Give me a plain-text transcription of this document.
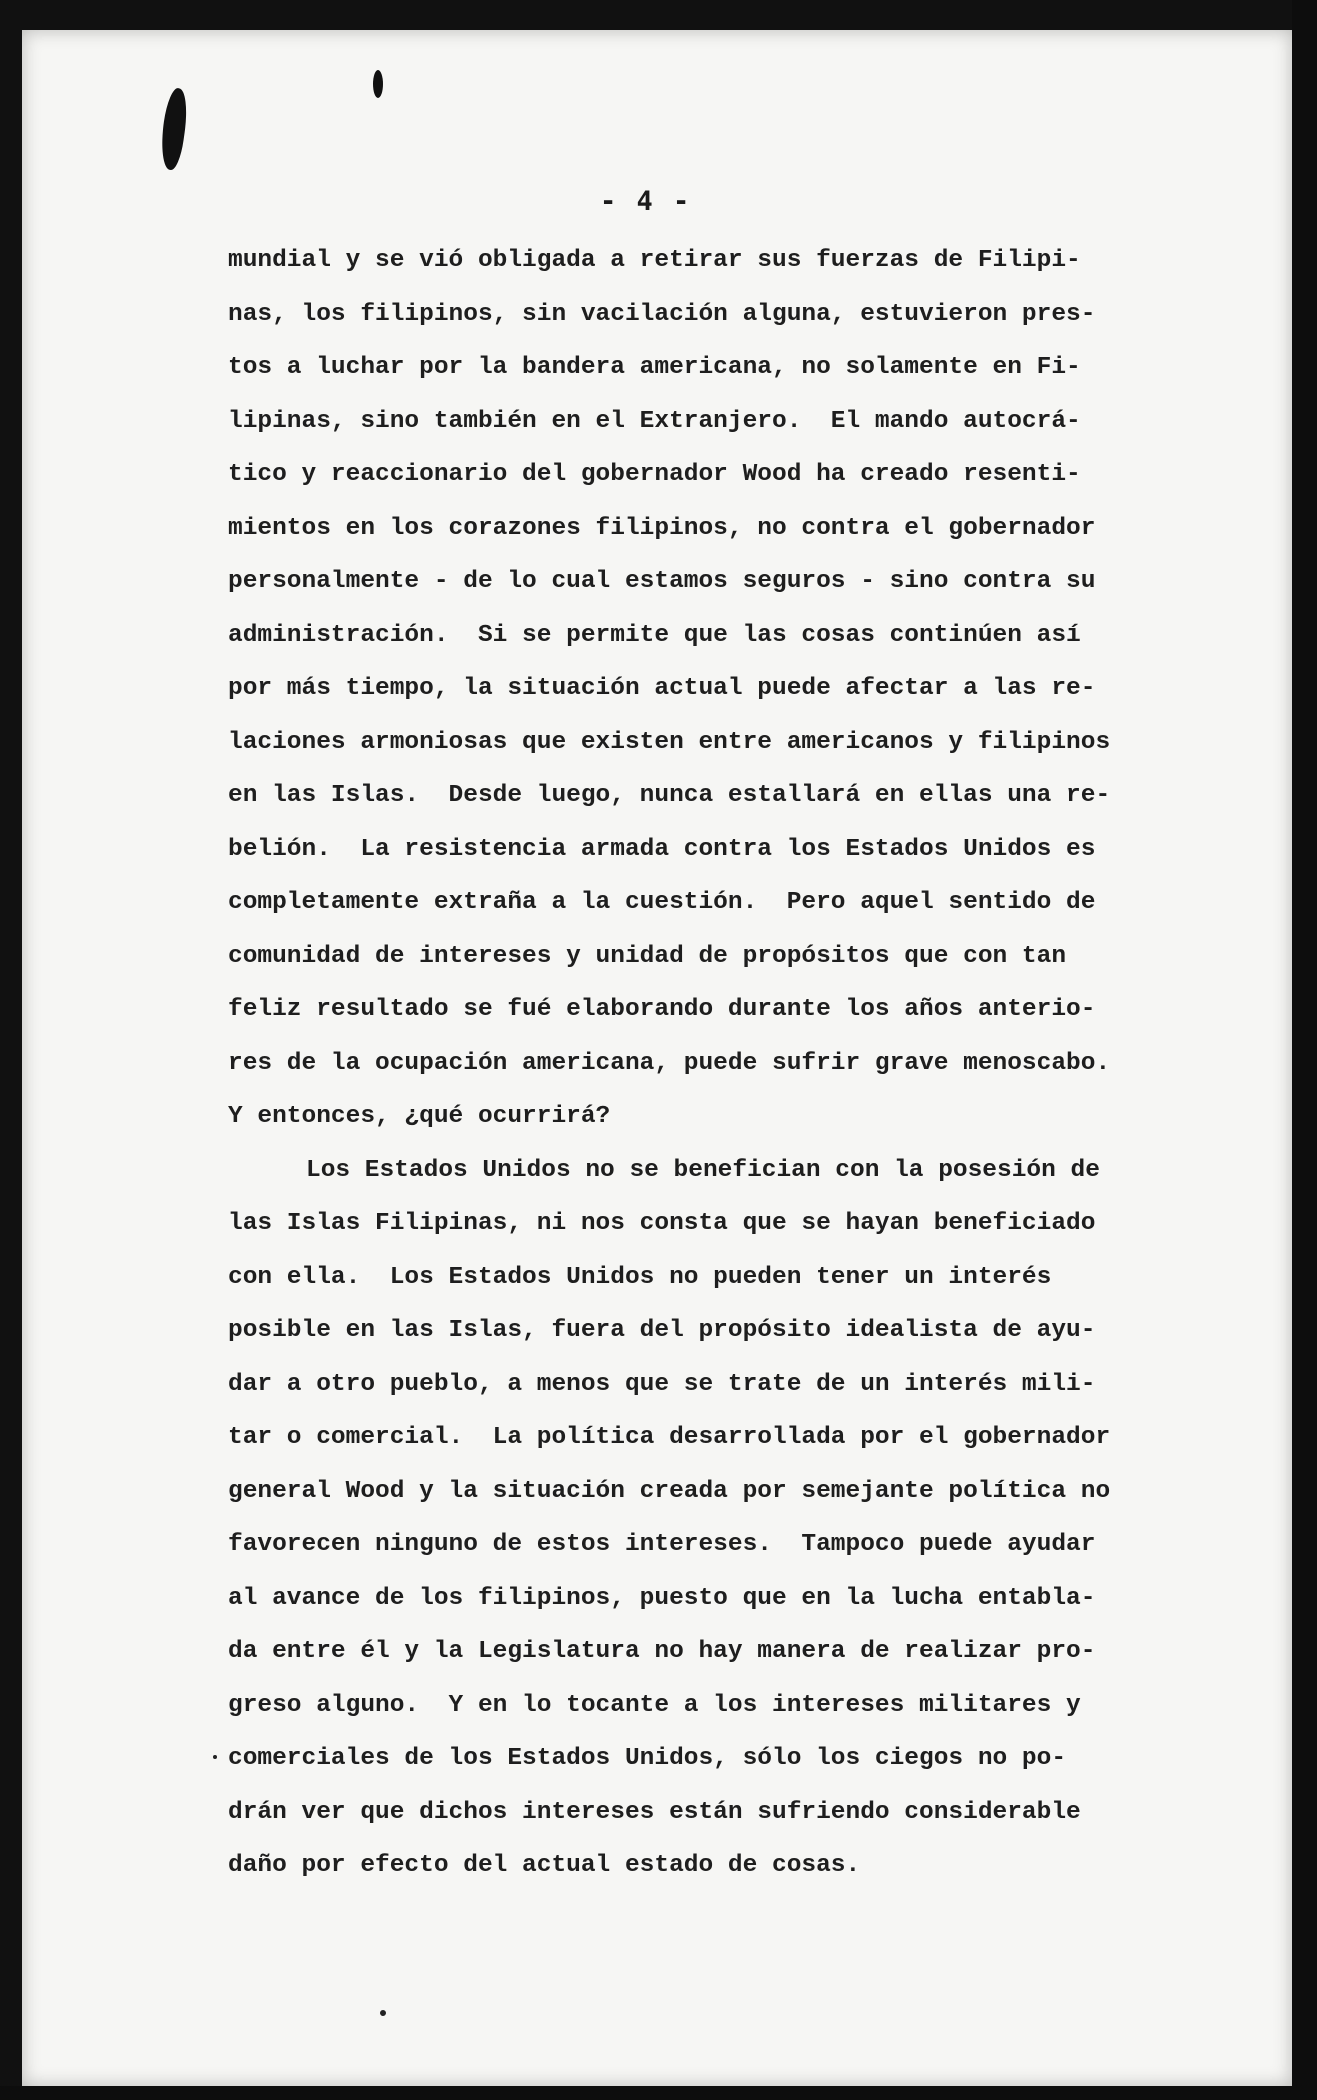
- 4 -
mundial y se vió obligada a retirar sus fuerzas de Filipi-
nas, los filipinos, sin vacilación alguna, estuvieron pres-
tos a luchar por la bandera americana, no solamente en Fi-
lipinas, sino también en el Extranjero.  El mando autocrá-
tico y reaccionario del gobernador Wood ha creado resenti-
mientos en los corazones filipinos, no contra el gobernador
personalmente - de lo cual estamos seguros - sino contra su
administración.  Si se permite que las cosas continúen así
por más tiempo, la situación actual puede afectar a las re-
laciones armoniosas que existen entre americanos y filipinos
en las Islas.  Desde luego, nunca estallará en ellas una re-
belión.  La resistencia armada contra los Estados Unidos es
completamente extraña a la cuestión.  Pero aquel sentido de
comunidad de intereses y unidad de propósitos que con tan
feliz resultado se fué elaborando durante los años anterio-
res de la ocupación americana, puede sufrir grave menoscabo.
Y entonces, ¿qué ocurrirá?
Los Estados Unidos no se benefician con la posesión de
las Islas Filipinas, ni nos consta que se hayan beneficiado
con ella.  Los Estados Unidos no pueden tener un interés
posible en las Islas, fuera del propósito idealista de ayu-
dar a otro pueblo, a menos que se trate de un interés mili-
tar o comercial.  La política desarrollada por el gobernador
general Wood y la situación creada por semejante política no
favorecen ninguno de estos intereses.  Tampoco puede ayudar
al avance de los filipinos, puesto que en la lucha entabla-
da entre él y la Legislatura no hay manera de realizar pro-
greso alguno.  Y en lo tocante a los intereses militares y
comerciales de los Estados Unidos, sólo los ciegos no po-
drán ver que dichos intereses están sufriendo considerable
daño por efecto del actual estado de cosas.
